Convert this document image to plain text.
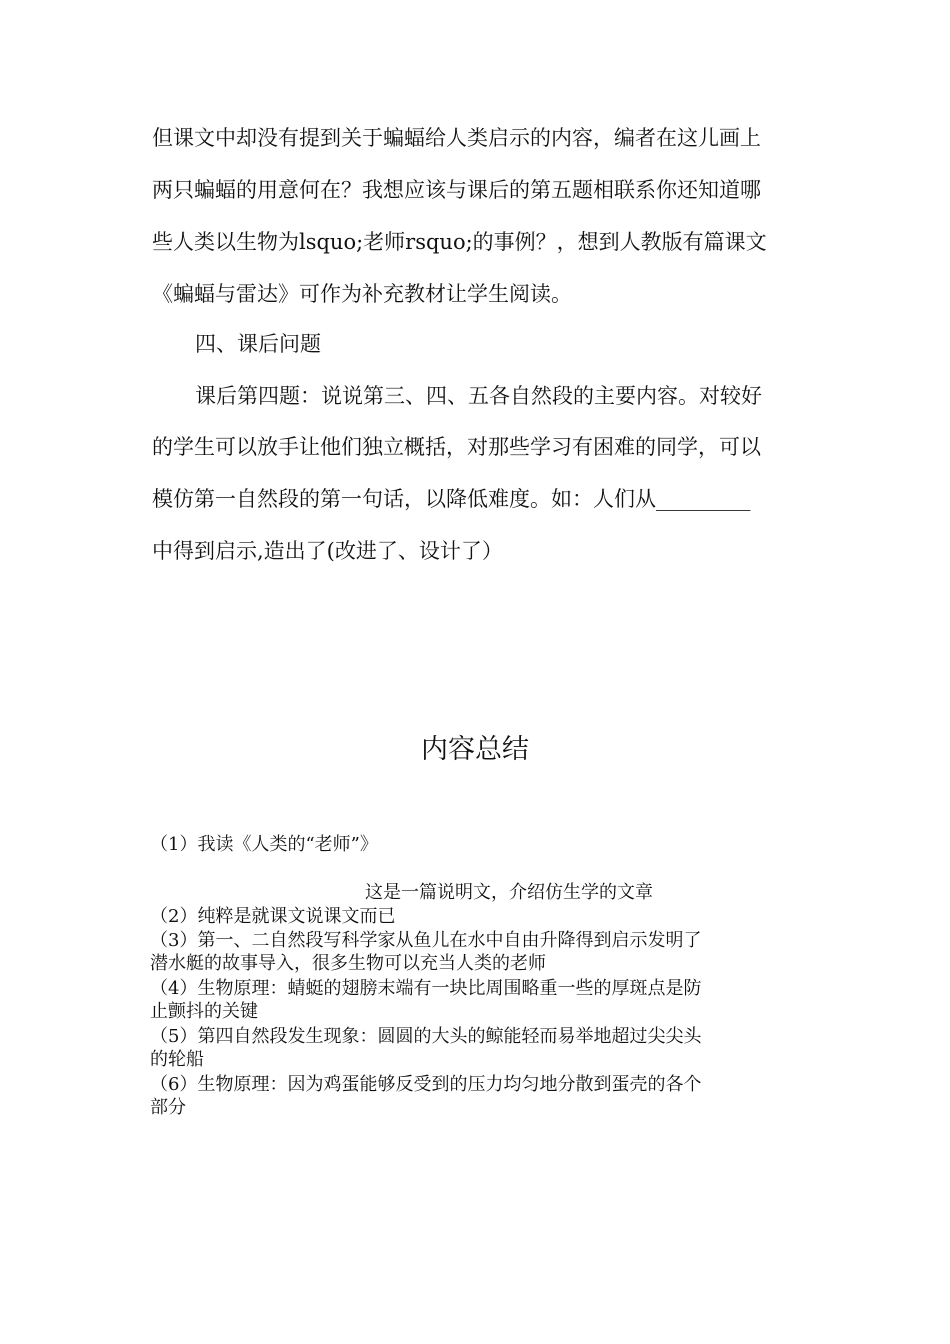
但课文中却没有提到关于蝙蝠给人类启示的内容，编者在这儿画上
两只蝙蝠的用意何在？我想应该与课后的第五题相联系你还知道哪
些人类以生物为lsquo;老师rsquo;的事例？，想到人教版有篇课文
《蝙蝠与雷达》可作为补充教材让学生阅读。
四、课后问题
课后第四题：说说第三、四、五各自然段的主要内容。对较好
的学生可以放手让他们独立概括，对那些学习有困难的同学，可以
模仿第一自然段的第一句话，以降低难度。如：人们从_________
中得到启示,造出了(改进了、设计了）
内容总结
（1）我读《人类的“老师”》
这是一篇说明文，介绍仿生学的文章
（2）纯粹是就课文说课文而已
（3）第一、二自然段写科学家从鱼儿在水中自由升降得到启示发明了
潜水艇的故事导入，很多生物可以充当人类的老师
（4）生物原理：蜻蜓的翅膀末端有一块比周围略重一些的厚斑点是防
止颤抖的关键
（5）第四自然段发生现象：圆圆的大头的鲸能轻而易举地超过尖尖头
的轮船
（6）生物原理：因为鸡蛋能够反受到的压力均匀地分散到蛋壳的各个
部分
